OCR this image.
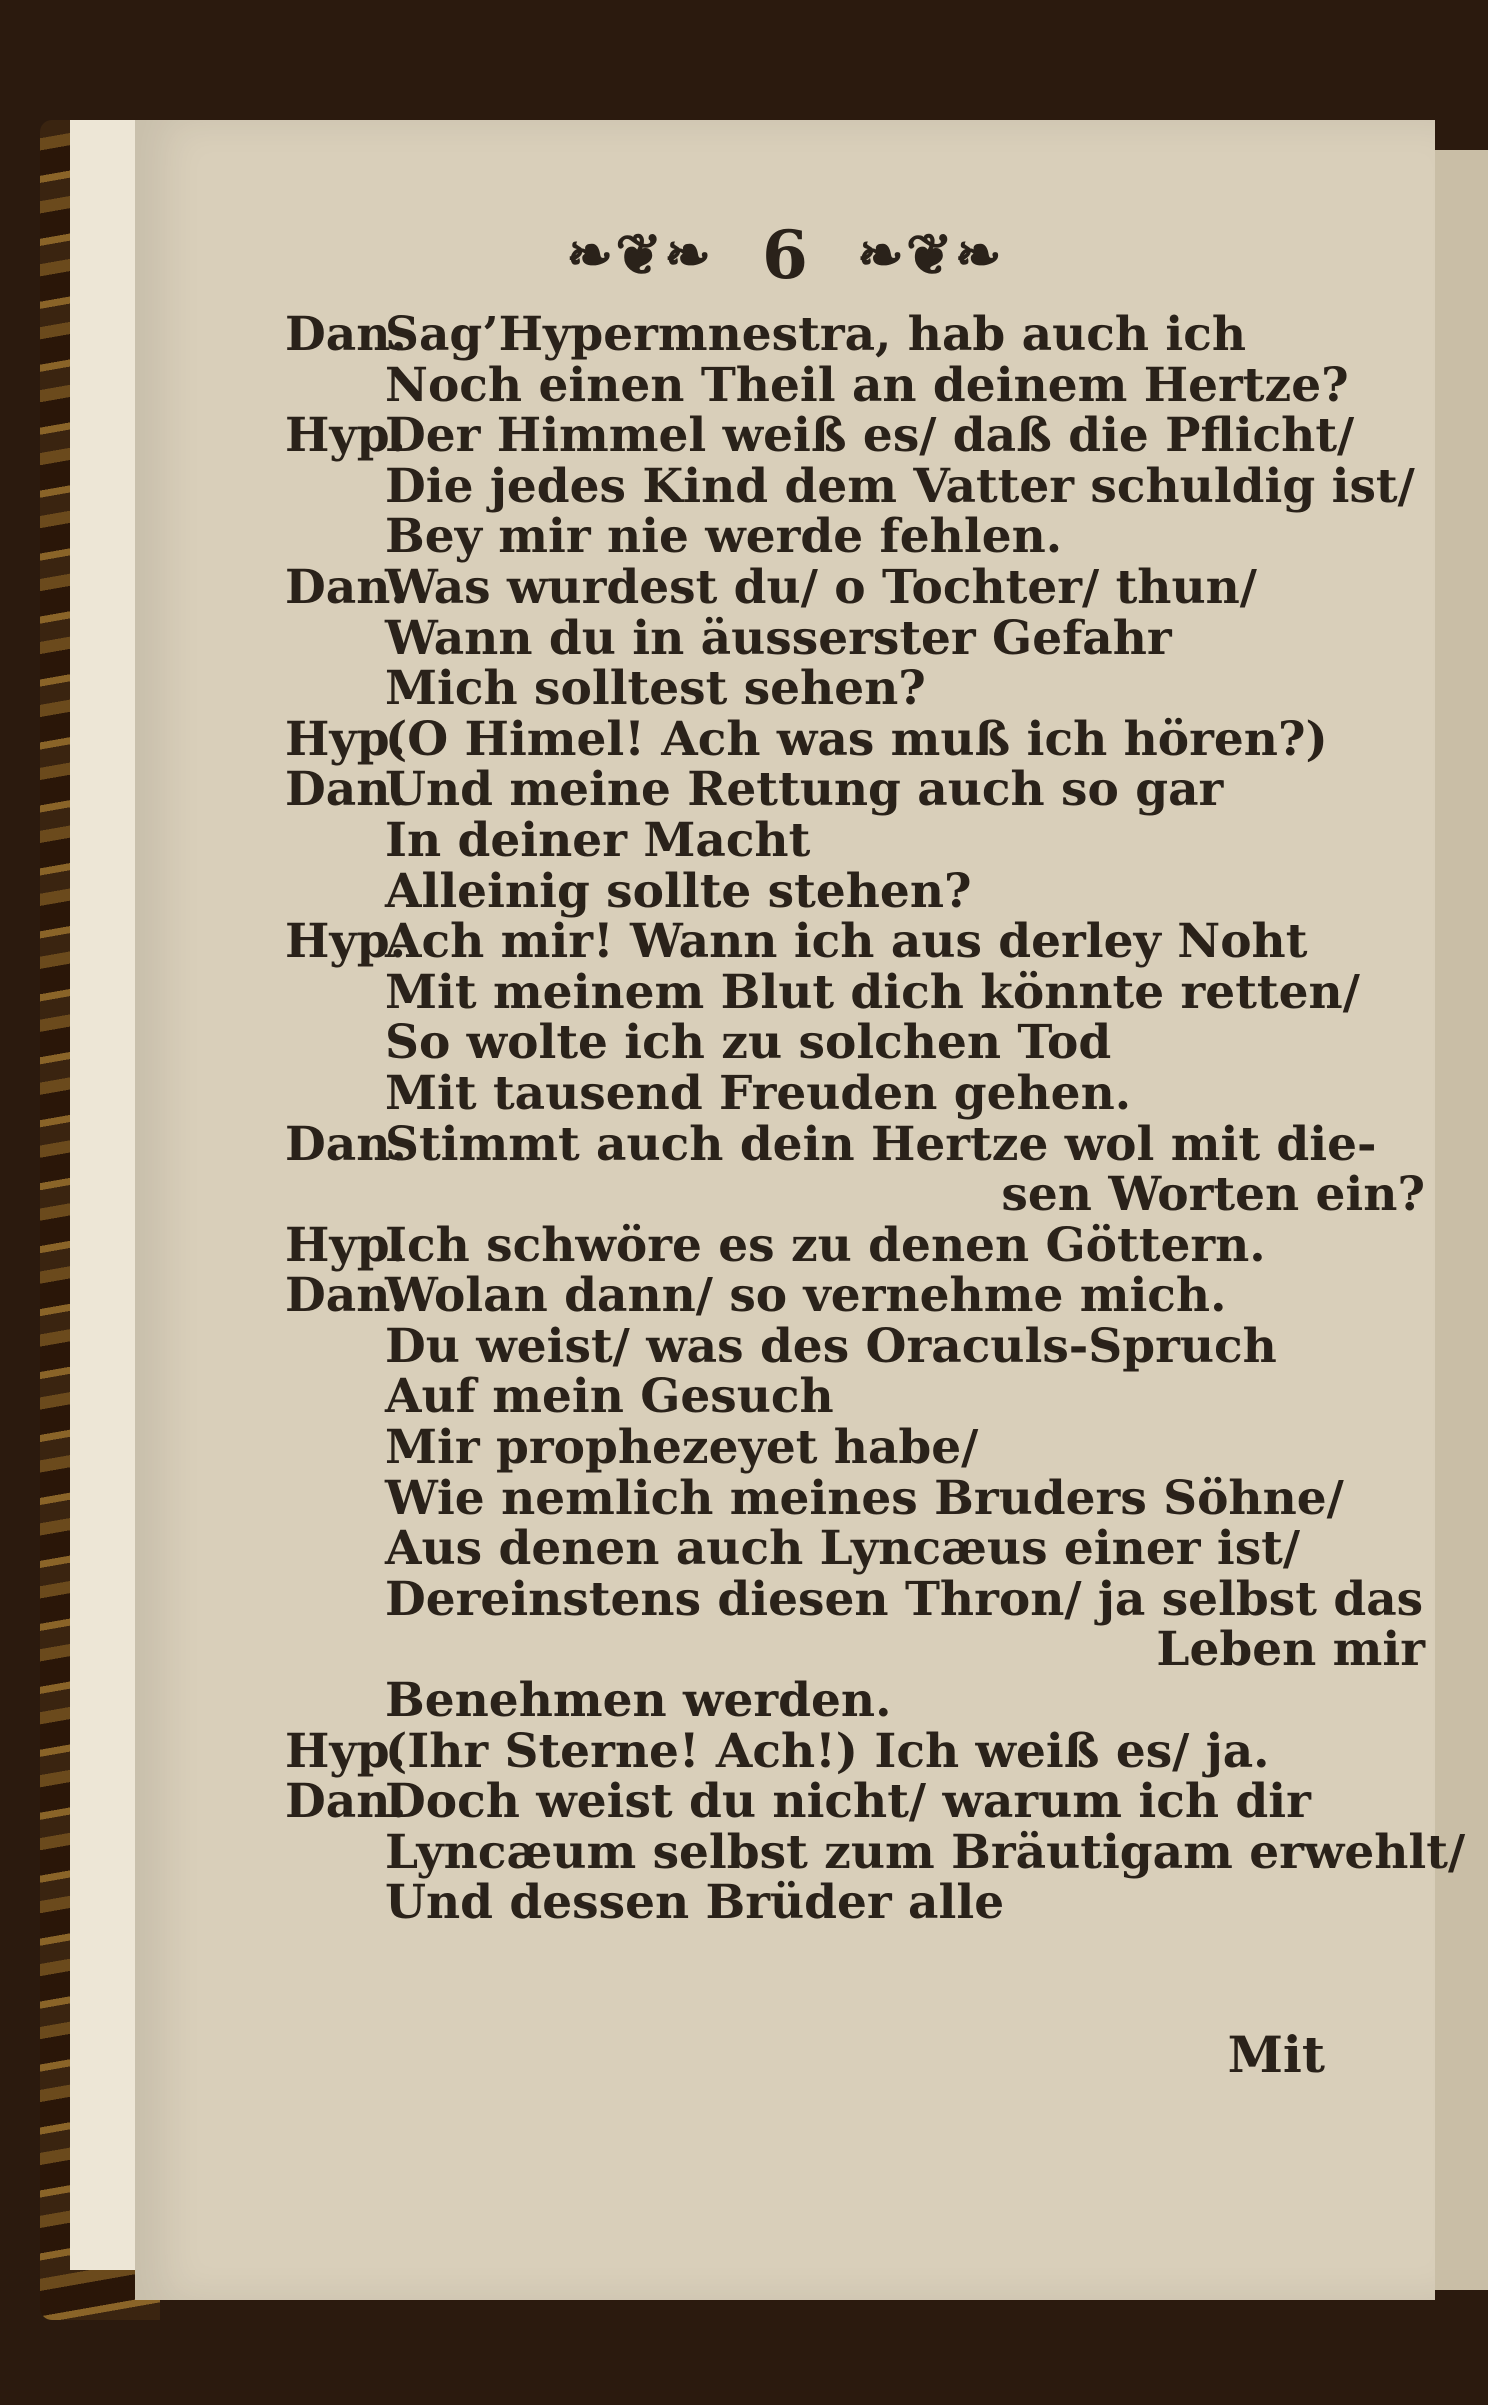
❧❦❧ 6 ❧❦❧
Dan.Sag’Hypermnestra, hab auch ich
Noch einen Theil an deinem Hertze?
Hyp.Der Himmel weiß es/ daß die Pflicht/
Die jedes Kind dem Vatter schuldig ist/
Bey mir nie werde fehlen.
Dan.Was wurdest du/ o Tochter/ thun/
Wann du in äusserster Gefahr
Mich solltest sehen?
Hyp.(O Himel! Ach was muß ich hören?)
Dan.Und meine Rettung auch so gar
In deiner Macht
Alleinig sollte stehen?
Hyp.Ach mir! Wann ich aus derley Noht
Mit meinem Blut dich könnte retten/
So wolte ich zu solchen Tod
Mit tausend Freuden gehen.
Dan.Stimmt auch dein Hertze wol mit die-
sen Worten ein?
Hyp.Ich schwöre es zu denen Göttern.
Dan.Wolan dann/ so vernehme mich.
Du weist/ was des Oraculs-Spruch
Auf mein Gesuch
Mir prophezeyet habe/
Wie nemlich meines Bruders Söhne/
Aus denen auch Lyncæus einer ist/
Dereinstens diesen Thron/ ja selbst das
Leben mir
Benehmen werden.
Hyp.(Ihr Sterne! Ach!) Ich weiß es/ ja.
Dan.Doch weist du nicht/ warum ich dir
Lyncæum selbst zum Bräutigam erwehlt/
Und dessen Brüder alle
Mit
